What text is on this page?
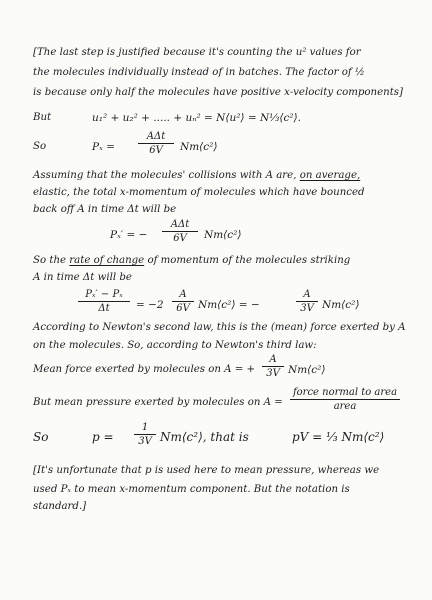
[The last step is justified because it's counting the u² values for
the molecules individually instead of in batches. The factor of ½
is because only half the molecules have positive x-velocity components]
But	u₁² + u₂² + ..... + uₙ² = N⟨u²⟩ = N⅓⟨c²⟩.
So	Pₓ =
AΔt
6V	Nm⟨c²⟩
Assuming that the molecules' collisions with A are, on average,
elastic, the total x-momentum of molecules which have bounced
back off A in time Δt will be
Pₓ′ = −
AΔt
6V	Nm⟨c²⟩
So the rate of change of momentum of the molecules striking
A in time Δt will be
$\frac{\text{Pₓ′ − Pₓ}}{\Delta t} = -2 \frac{A}{6V}$ Nm⟨c²⟩ = −	$\frac{A}{3V}$ Nm⟨c²⟩
According to Newton's second law, this is the (mean) force exerted by A
on the molecules. So, according to Newton's third law:
Mean force exerted by molecules on A = + $\frac{A}{3V}$ Nm⟨c²⟩
But mean pressure exerted by molecules on A =
force normal to area
area
So	$p = \frac{1}{3V}$ Nm⟨c²⟩, that is	pV = ⅓ Nm⟨c²⟩
[It's unfortunate that p is used here to mean pressure, whereas we
used Pₓ to mean x-momentum component. But the notation is
standard.]
